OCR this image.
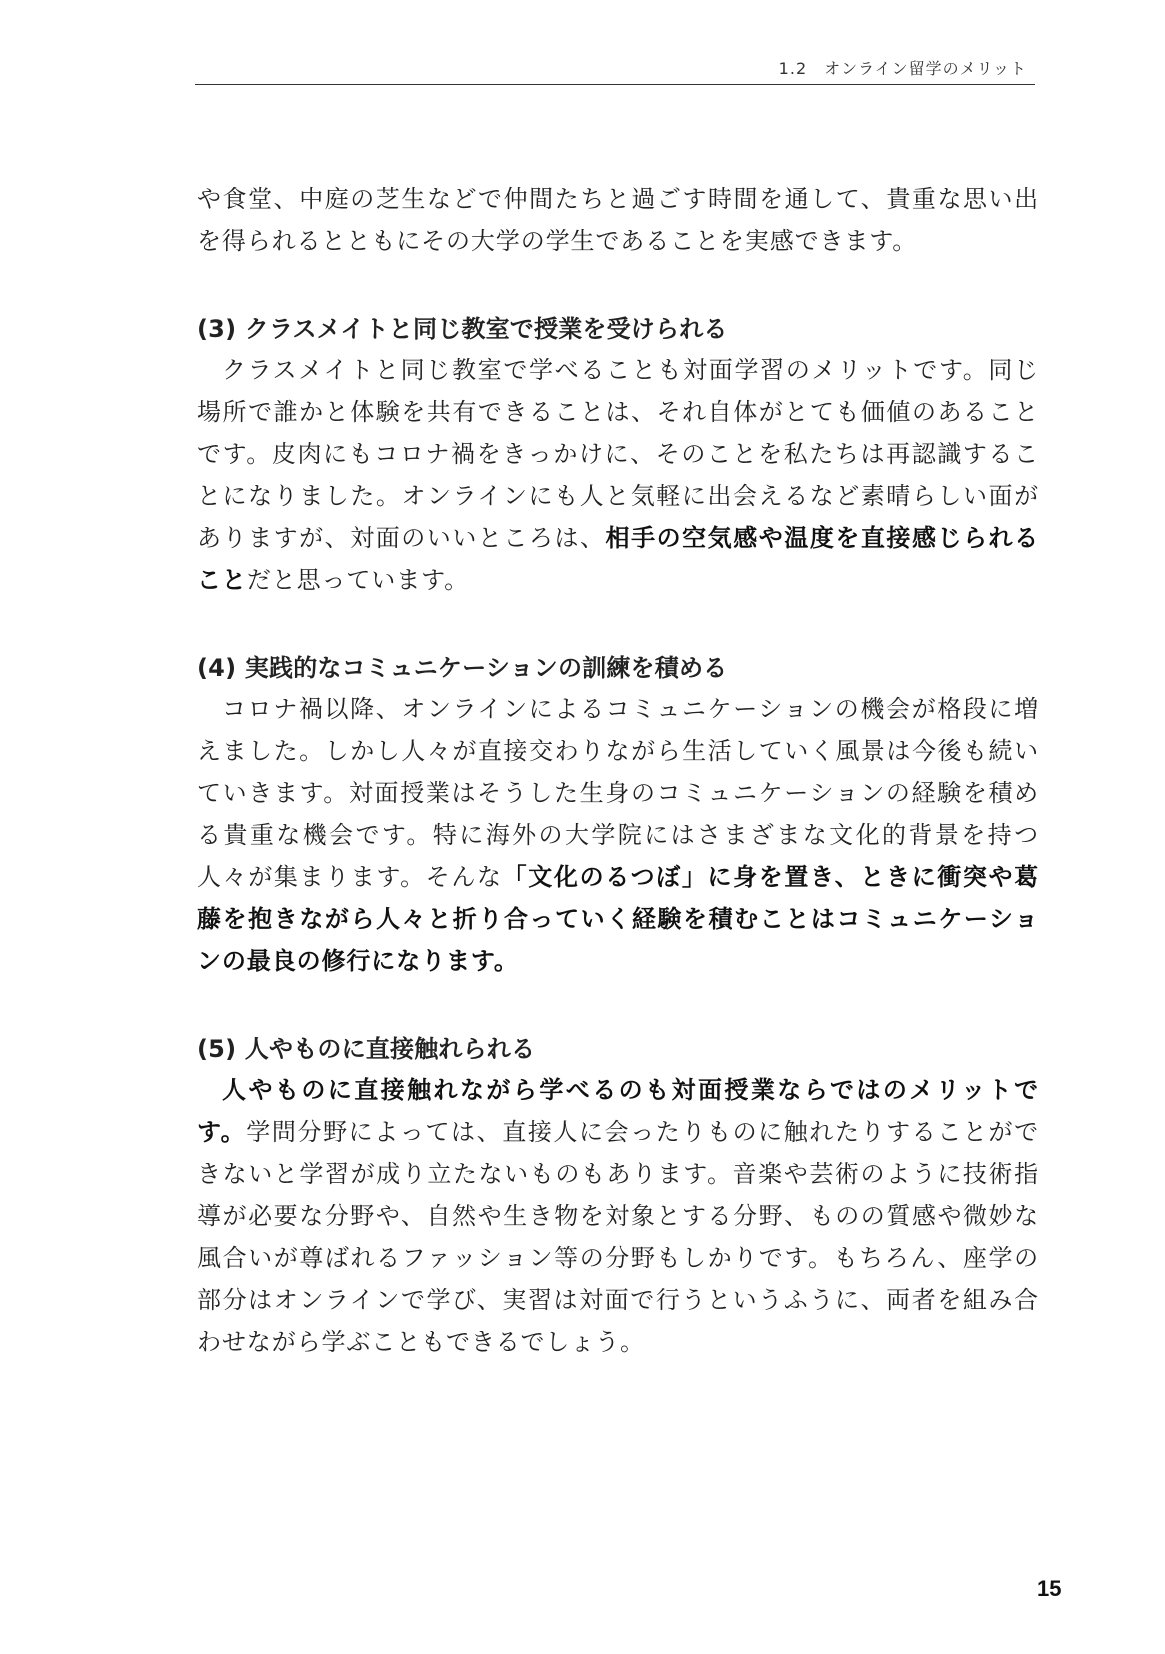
1.2　オンライン留学のメリット

や食堂、中庭の芝生などで仲間たちと過ごす時間を通して、貴重な思い出を得られるとともにその大学の学生であることを実感できます。

(3) クラスメイトと同じ教室で授業を受けられる

クラスメイトと同じ教室で学べることも対面学習のメリットです。同じ場所で誰かと体験を共有できることは、それ自体がとても価値のあることです。皮肉にもコロナ禍をきっかけに、そのことを私たちは再認識することになりました。オンラインにも人と気軽に出会えるなど素晴らしい面がありますが、対面のいいところは、相手の空気感や温度を直接感じられることだと思っています。

(4) 実践的なコミュニケーションの訓練を積める

コロナ禍以降、オンラインによるコミュニケーションの機会が格段に増えました。しかし人々が直接交わりながら生活していく風景は今後も続いていきます。対面授業はそうした生身のコミュニケーションの経験を積める貴重な機会です。特に海外の大学院にはさまざまな文化的背景を持つ人々が集まります。そんな「文化のるつぼ」に身を置き、ときに衝突や葛藤を抱きながら人々と折り合っていく経験を積むことはコミュニケーションの最良の修行になります。

(5) 人やものに直接触れられる

人やものに直接触れながら学べるのも対面授業ならではのメリットです。学問分野によっては、直接人に会ったりものに触れたりすることができないと学習が成り立たないものもあります。音楽や芸術のように技術指導が必要な分野や、自然や生き物を対象とする分野、ものの質感や微妙な風合いが尊ばれるファッション等の分野もしかりです。もちろん、座学の部分はオンラインで学び、実習は対面で行うというふうに、両者を組み合わせながら学ぶこともできるでしょう。

15
